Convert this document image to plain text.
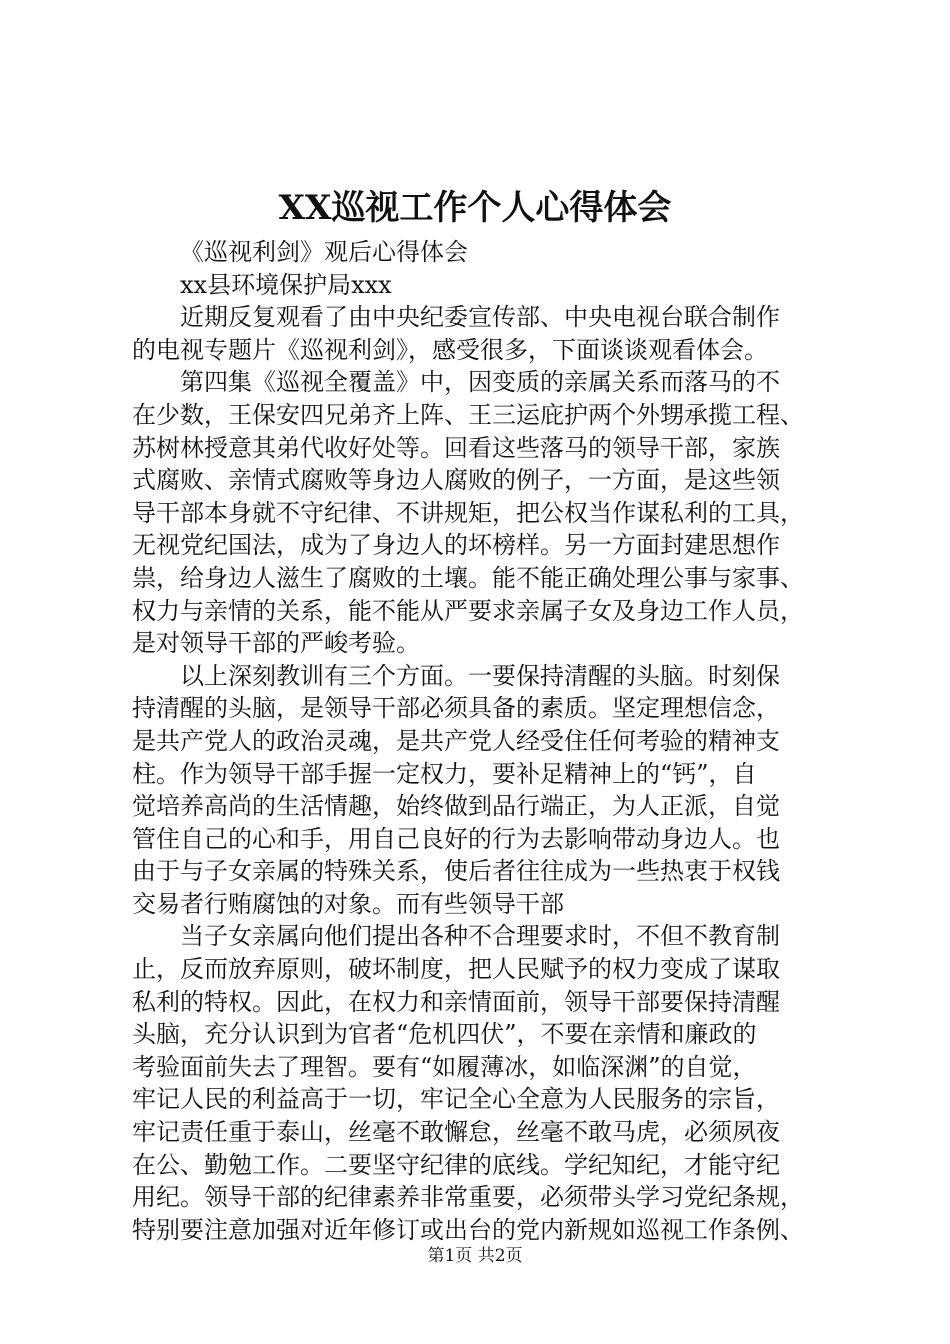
XX巡视工作个人心得体会
《巡视利剑》观后心得体会
xx县环境保护局xxx
近期反复观看了由中央纪委宣传部、中央电视台联合制作
的电视专题片《巡视利剑》，感受很多，下面谈谈观看体会。
第四集《巡视全覆盖》中，因变质的亲属关系而落马的不
在少数，王保安四兄弟齐上阵、王三运庇护两个外甥承揽工程、
苏树林授意其弟代收好处等。回看这些落马的领导干部，家族
式腐败、亲情式腐败等身边人腐败的例子，一方面，是这些领
导干部本身就不守纪律、不讲规矩，把公权当作谋私利的工具，
无视党纪国法，成为了身边人的坏榜样。另一方面封建思想作
祟，给身边人滋生了腐败的土壤。能不能正确处理公事与家事、
权力与亲情的关系，能不能从严要求亲属子女及身边工作人员，
是对领导干部的严峻考验。
以上深刻教训有三个方面。一要保持清醒的头脑。时刻保
持清醒的头脑，是领导干部必须具备的素质。坚定理想信念，
是共产党人的政治灵魂，是共产党人经受住任何考验的精神支
柱。作为领导干部手握一定权力，要补足精神上的“钙”，自
觉培养高尚的生活情趣，始终做到品行端正，为人正派，自觉
管住自己的心和手，用自己良好的行为去影响带动身边人。也
由于与子女亲属的特殊关系，使后者往往成为一些热衷于权钱
交易者行贿腐蚀的对象。而有些领导干部
当子女亲属向他们提出各种不合理要求时，不但不教育制
止，反而放弃原则，破坏制度，把人民赋予的权力变成了谋取
私利的特权。因此，在权力和亲情面前，领导干部要保持清醒
头脑，充分认识到为官者“危机四伏”，不要在亲情和廉政的
考验面前失去了理智。要有“如履薄冰，如临深渊”的自觉，
牢记人民的利益高于一切，牢记全心全意为人民服务的宗旨，
牢记责任重于泰山，丝毫不敢懈怠，丝毫不敢马虎，必须夙夜
在公、勤勉工作。二要坚守纪律的底线。学纪知纪，才能守纪
用纪。领导干部的纪律素养非常重要，必须带头学习党纪条规，
特别要注意加强对近年修订或出台的党内新规如巡视工作条例、
第1页 共2页
